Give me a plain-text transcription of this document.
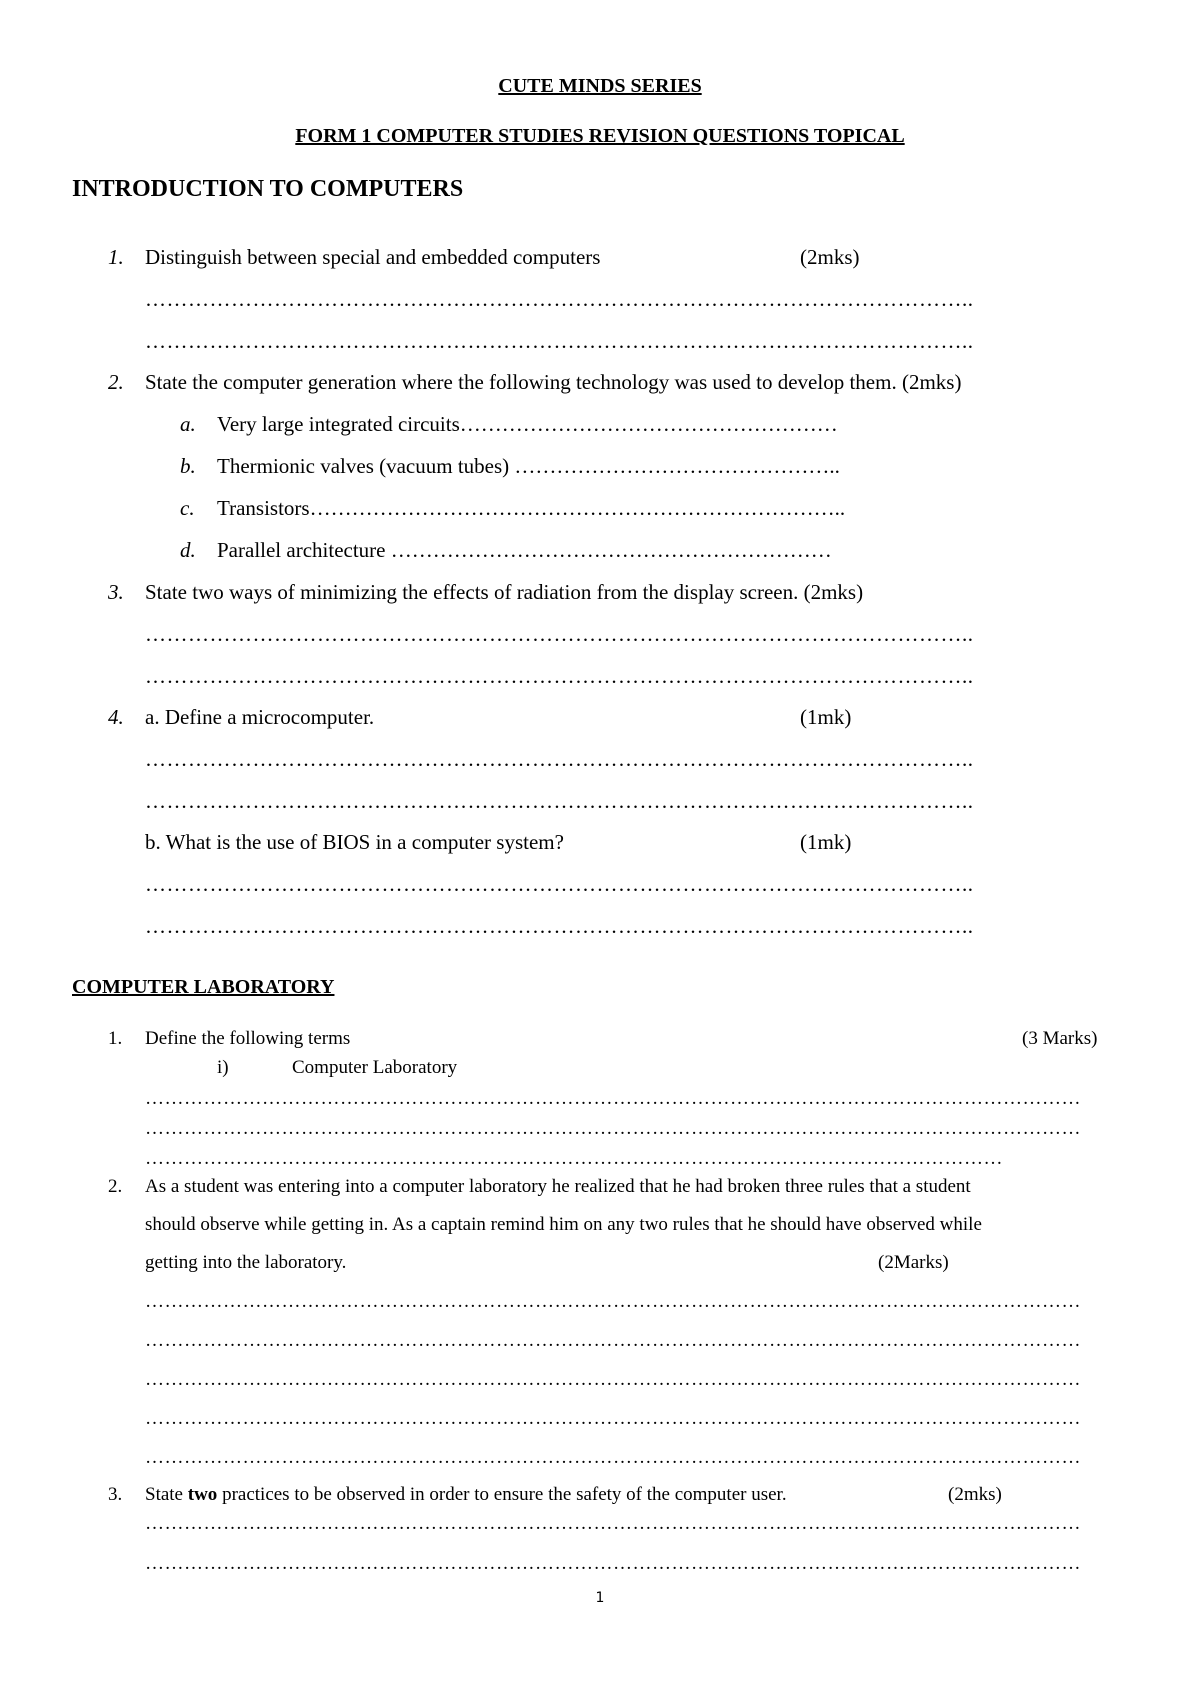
CUTE MINDS SERIES
FORM 1 COMPUTER STUDIES REVISION QUESTIONS TOPICAL
INTRODUCTION TO COMPUTERS
1. Distinguish between special and embedded computers	(2mks)
……………………………………………………………………………………………………..
……………………………………………………………………………………………………..
2. State the computer generation where the following technology was used to develop them. (2mks)
a. Very large integrated circuits………………………………………………
b. Thermionic valves (vacuum tubes) ………………………………………..
c. Transistors…………………………………………………………………..
d. Parallel architecture ………………………………………………………
3. State two ways of minimizing the effects of radiation from the display screen. (2mks)
……………………………………………………………………………………………………..
……………………………………………………………………………………………………..
4. a. Define a microcomputer.	(1mk)
……………………………………………………………………………………………………..
……………………………………………………………………………………………………..
b. What is the use of BIOS in a computer system?	(1mk)
……………………………………………………………………………………………………..
……………………………………………………………………………………………………..
COMPUTER LABORATORY
1. Define the following terms	(3 Marks)
i)	Computer Laboratory
………………………………………………………………………………………………………………………………
………………………………………………………………………………………………………………………………
……………………………………………………………………………………………………………………
2. As a student was entering into a computer laboratory he realized that he had broken three rules that a student
should observe while getting in. As a captain remind him on any two rules that he should have observed while
getting into the laboratory.	(2Marks)
………………………………………………………………………………………………………………………………
………………………………………………………………………………………………………………………………
………………………………………………………………………………………………………………………………
………………………………………………………………………………………………………………………………
………………………………………………………………………………………………………………………………
3. State two practices to be observed in order to ensure the safety of the computer user.	(2mks)
………………………………………………………………………………………………………………………………
………………………………………………………………………………………………………………………………
1
